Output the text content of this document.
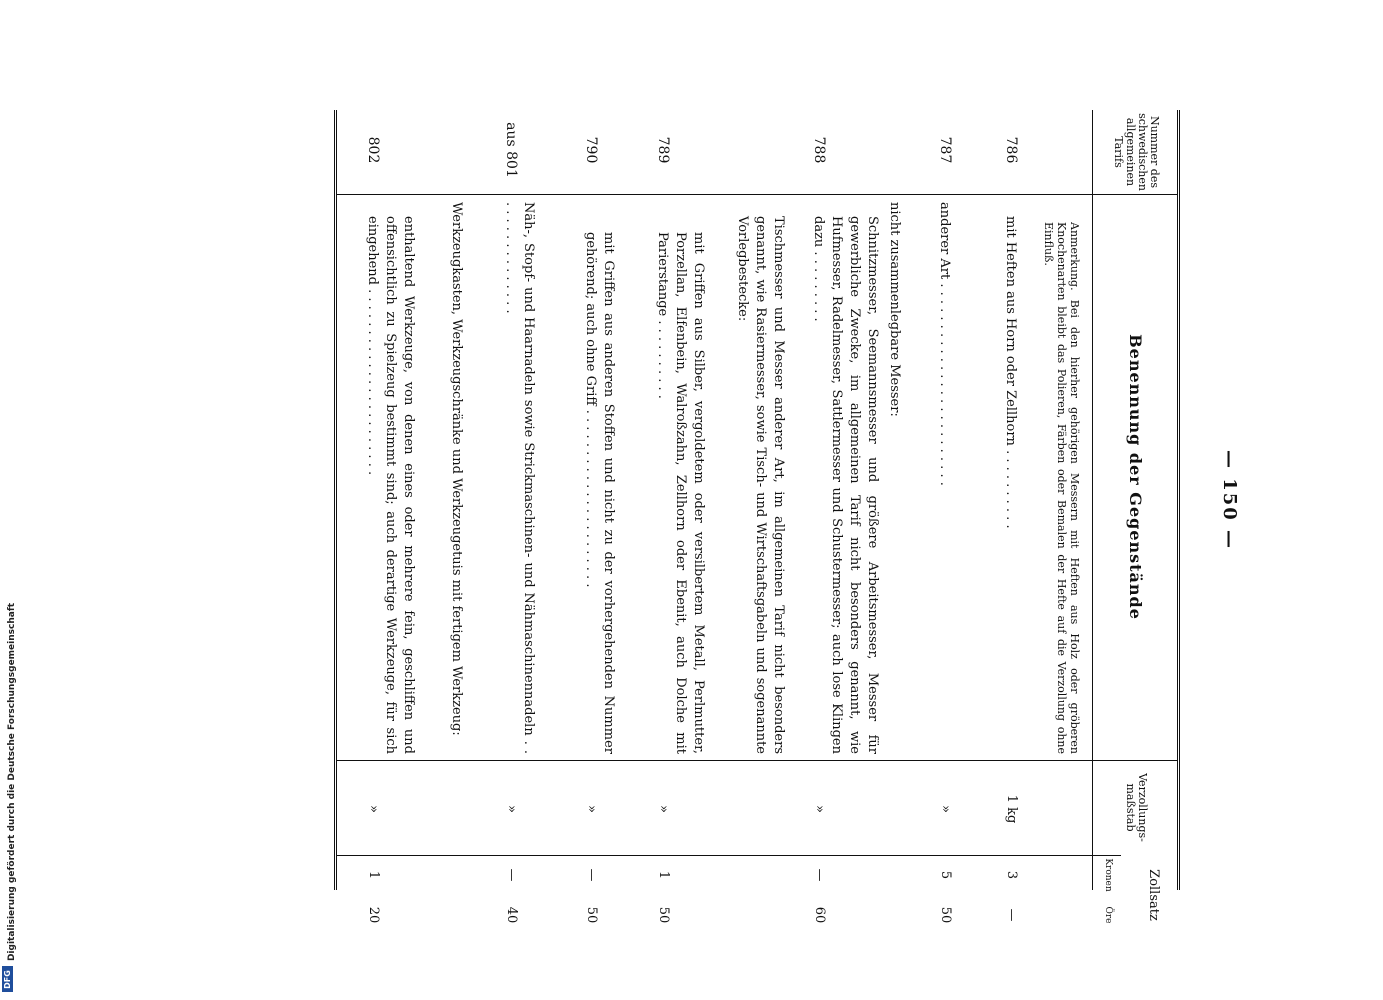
Digitalisierung gefördert durch die Deutsche Forschungsgemeinschaft
DFG
— 150 —
Nummer des schwedischen allgemeinen Tarifs
Benennung der Gegenstände
Verzollungs-maßstab
Zollsatz
Kronen
Öre
Anmerkung. Bei den hierher gehörigen Messern mit Heften aus Holz oder gröberen Knochenarten bleibt das Polieren, Färben oder Bemalen der Hefte auf die Verzollung ohne Einfluß.
mit Heften aus Horn oder Zellhorn . . . . . . . . . .
786
1 kg
3
—
anderer Art . . . . . . . . . . . . . . . . . . . . . . . . .
787
»
5
50
nicht zusammenlegbare Messer:
Schnitzmesser, Seemannsmesser und größere Arbeitsmesser, Messer für gewerbliche Zwecke, im allgemeinen Tarif nicht besonders genannt, wie Hufmesser, Radelmesser, Sattlermesser und Schustermesser; auch lose Klingen dazu . . . . . . . . .
788
»
—
60
Tischmesser und Messer anderer Art, im allgemeinen Tarif nicht besonders genannt, wie Rasiermesser, sowie Tisch- und Wirtschaftsgabeln und sogenannte Vorlegbestecke:
mit Griffen aus Silber, vergoldetem oder versilbertem Metall, Perlmutter, Porzellan, Elfenbein, Walroßzahn, Zellhorn oder Ebenit, auch Dolche mit Parierstange . . . . . . . . . .
789
»
1
50
mit Griffen aus anderen Stoffen und nicht zu der vorhergehenden Nummer gehörend; auch ohne Griff . . . . . . . . . . . . . . . . . . . . . .
790
»
—
50
Näh-, Stopf- und Haarnadeln sowie Strickmaschinen- und Nähmaschinennadeln . . . . . . . . . . . . . . . .
aus 801
»
—
40
Werkzeugkasten, Werkzeugschränke und Werkzeugetuis mit fertigem Werkzeug:
enthaltend Werkzeuge, von denen eines oder mehrere fein, geschliffen und offensichtlich zu Spielzeug bestimmt sind; auch derartige Werkzeuge, für sich eingehend . . . . . . . . . . . . . . . . . . . . . . .
802
»
1
20
